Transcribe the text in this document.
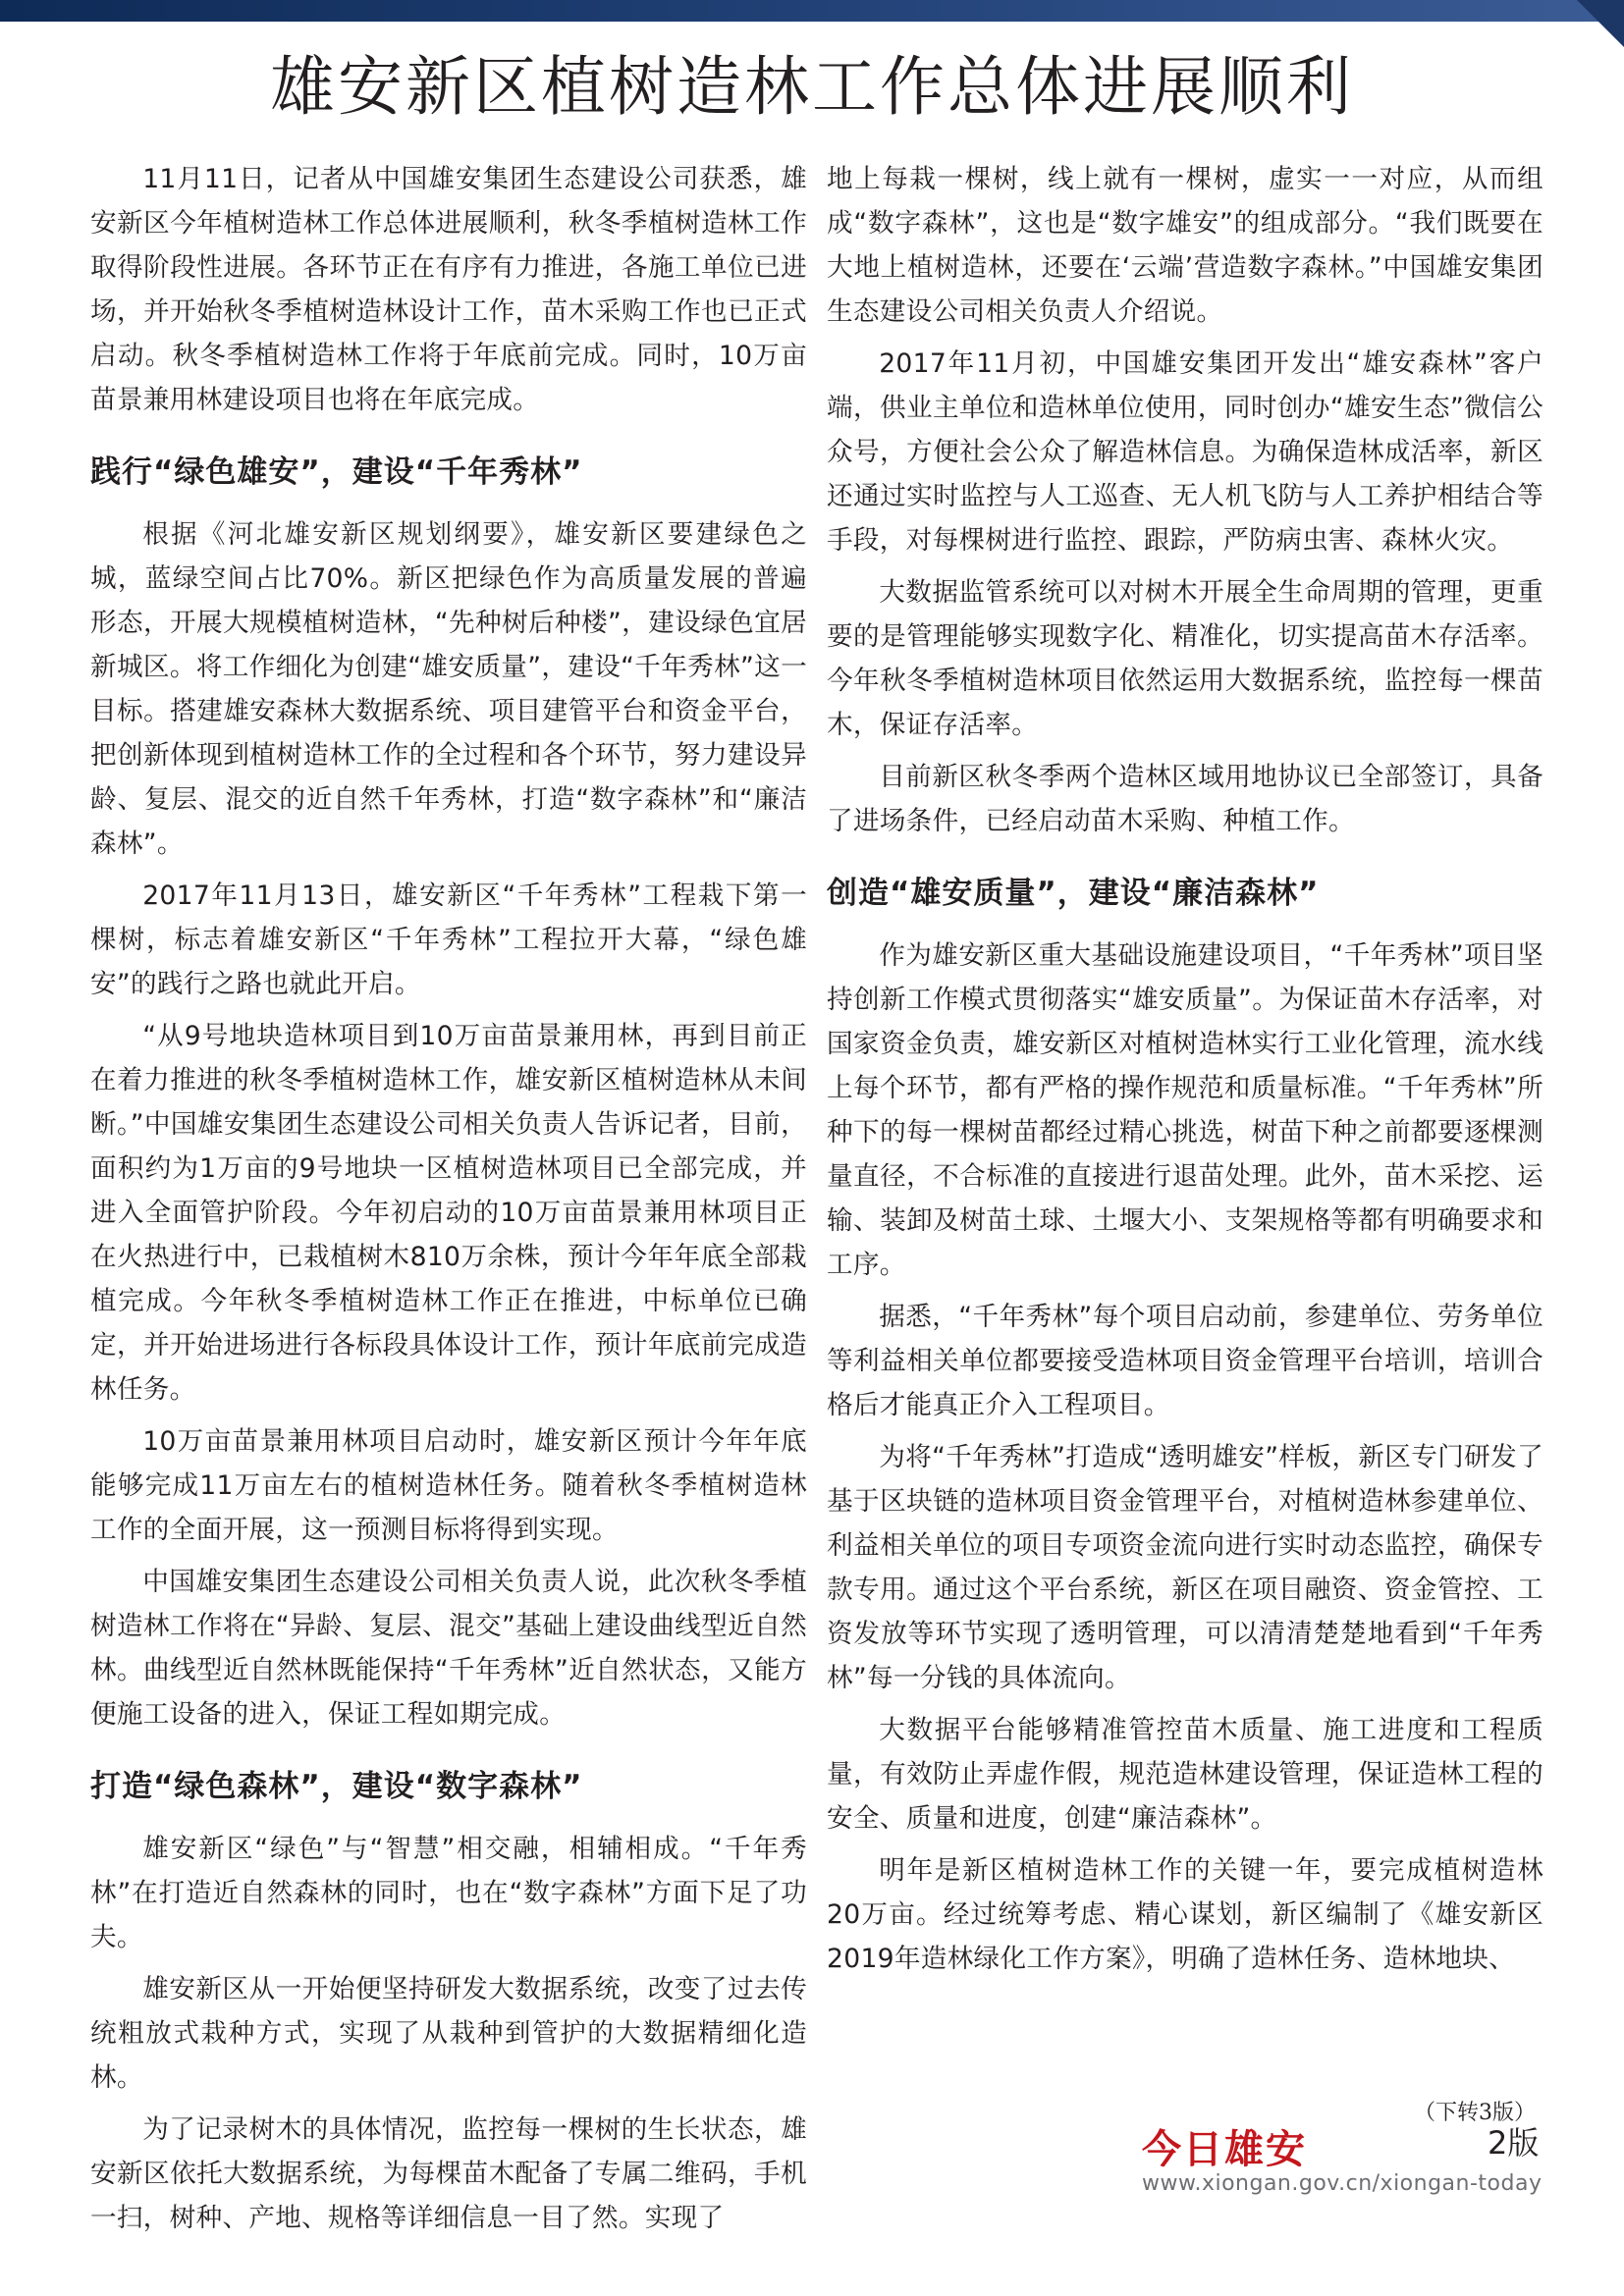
雄安新区植树造林工作总体进展顺利

11月11日，记者从中国雄安集团生态建设公司获悉，雄安新区今年植树造林工作总体进展顺利，秋冬季植树造林工作取得阶段性进展。各环节正在有序有力推进，各施工单位已进场，并开始秋冬季植树造林设计工作，苗木采购工作也已正式启动。秋冬季植树造林工作将于年底前完成。同时，10万亩苗景兼用林建设项目也将在年底完成。

践行“绿色雄安”，建设“千年秀林”

根据《河北雄安新区规划纲要》，雄安新区要建绿色之城，蓝绿空间占比70%。新区把绿色作为高质量发展的普遍形态，开展大规模植树造林，“先种树后种楼”，建设绿色宜居新城区。将工作细化为创建“雄安质量”，建设“千年秀林”这一目标。搭建雄安森林大数据系统、项目建管平台和资金平台，把创新体现到植树造林工作的全过程和各个环节，努力建设异龄、复层、混交的近自然千年秀林，打造“数字森林”和“廉洁森林”。

2017年11月13日，雄安新区“千年秀林”工程栽下第一棵树，标志着雄安新区“千年秀林”工程拉开大幕，“绿色雄安”的践行之路也就此开启。

“从9号地块造林项目到10万亩苗景兼用林，再到目前正在着力推进的秋冬季植树造林工作，雄安新区植树造林从未间断。”中国雄安集团生态建设公司相关负责人告诉记者，目前，面积约为1万亩的9号地块一区植树造林项目已全部完成，并进入全面管护阶段。今年初启动的10万亩苗景兼用林项目正在火热进行中，已栽植树木810万余株，预计今年年底全部栽植完成。今年秋冬季植树造林工作正在推进，中标单位已确定，并开始进场进行各标段具体设计工作，预计年底前完成造林任务。

10万亩苗景兼用林项目启动时，雄安新区预计今年年底能够完成11万亩左右的植树造林任务。随着秋冬季植树造林工作的全面开展，这一预测目标将得到实现。

中国雄安集团生态建设公司相关负责人说，此次秋冬季植树造林工作将在“异龄、复层、混交”基础上建设曲线型近自然林。曲线型近自然林既能保持“千年秀林”近自然状态，又能方便施工设备的进入，保证工程如期完成。

打造“绿色森林”，建设“数字森林”

雄安新区“绿色”与“智慧”相交融，相辅相成。“千年秀林”在打造近自然森林的同时，也在“数字森林”方面下足了功夫。

雄安新区从一开始便坚持研发大数据系统，改变了过去传统粗放式栽种方式，实现了从栽种到管护的大数据精细化造林。

为了记录树木的具体情况，监控每一棵树的生长状态，雄安新区依托大数据系统，为每棵苗木配备了专属二维码，手机一扫，树种、产地、规格等详细信息一目了然。实现了

地上每栽一棵树，线上就有一棵树，虚实一一对应，从而组成“数字森林”，这也是“数字雄安”的组成部分。“我们既要在大地上植树造林，还要在‘云端’营造数字森林。”中国雄安集团生态建设公司相关负责人介绍说。

2017年11月初，中国雄安集团开发出“雄安森林”客户端，供业主单位和造林单位使用，同时创办“雄安生态”微信公众号，方便社会公众了解造林信息。为确保造林成活率，新区还通过实时监控与人工巡查、无人机飞防与人工养护相结合等手段，对每棵树进行监控、跟踪，严防病虫害、森林火灾。

大数据监管系统可以对树木开展全生命周期的管理，更重要的是管理能够实现数字化、精准化，切实提高苗木存活率。今年秋冬季植树造林项目依然运用大数据系统，监控每一棵苗木，保证存活率。

目前新区秋冬季两个造林区域用地协议已全部签订，具备了进场条件，已经启动苗木采购、种植工作。

创造“雄安质量”，建设“廉洁森林”

作为雄安新区重大基础设施建设项目，“千年秀林”项目坚持创新工作模式贯彻落实“雄安质量”。为保证苗木存活率，对国家资金负责，雄安新区对植树造林实行工业化管理，流水线上每个环节，都有严格的操作规范和质量标准。“千年秀林”所种下的每一棵树苗都经过精心挑选，树苗下种之前都要逐棵测量直径，不合标准的直接进行退苗处理。此外，苗木采挖、运输、装卸及树苗土球、土堰大小、支架规格等都有明确要求和工序。

据悉，“千年秀林”每个项目启动前，参建单位、劳务单位等利益相关单位都要接受造林项目资金管理平台培训，培训合格后才能真正介入工程项目。

为将“千年秀林”打造成“透明雄安”样板，新区专门研发了基于区块链的造林项目资金管理平台，对植树造林参建单位、利益相关单位的项目专项资金流向进行实时动态监控，确保专款专用。通过这个平台系统，新区在项目融资、资金管控、工资发放等环节实现了透明管理，可以清清楚楚地看到“千年秀林”每一分钱的具体流向。

大数据平台能够精准管控苗木质量、施工进度和工程质量，有效防止弄虚作假，规范造林建设管理，保证造林工程的安全、质量和进度，创建“廉洁森林”。

明年是新区植树造林工作的关键一年，要完成植树造林20万亩。经过统筹考虑、精心谋划，新区编制了《雄安新区2019年造林绿化工作方案》，明确了造林任务、造林地块、

（下转3版）
今日雄安	2版
www.xiongan.gov.cn/xiongan-today
